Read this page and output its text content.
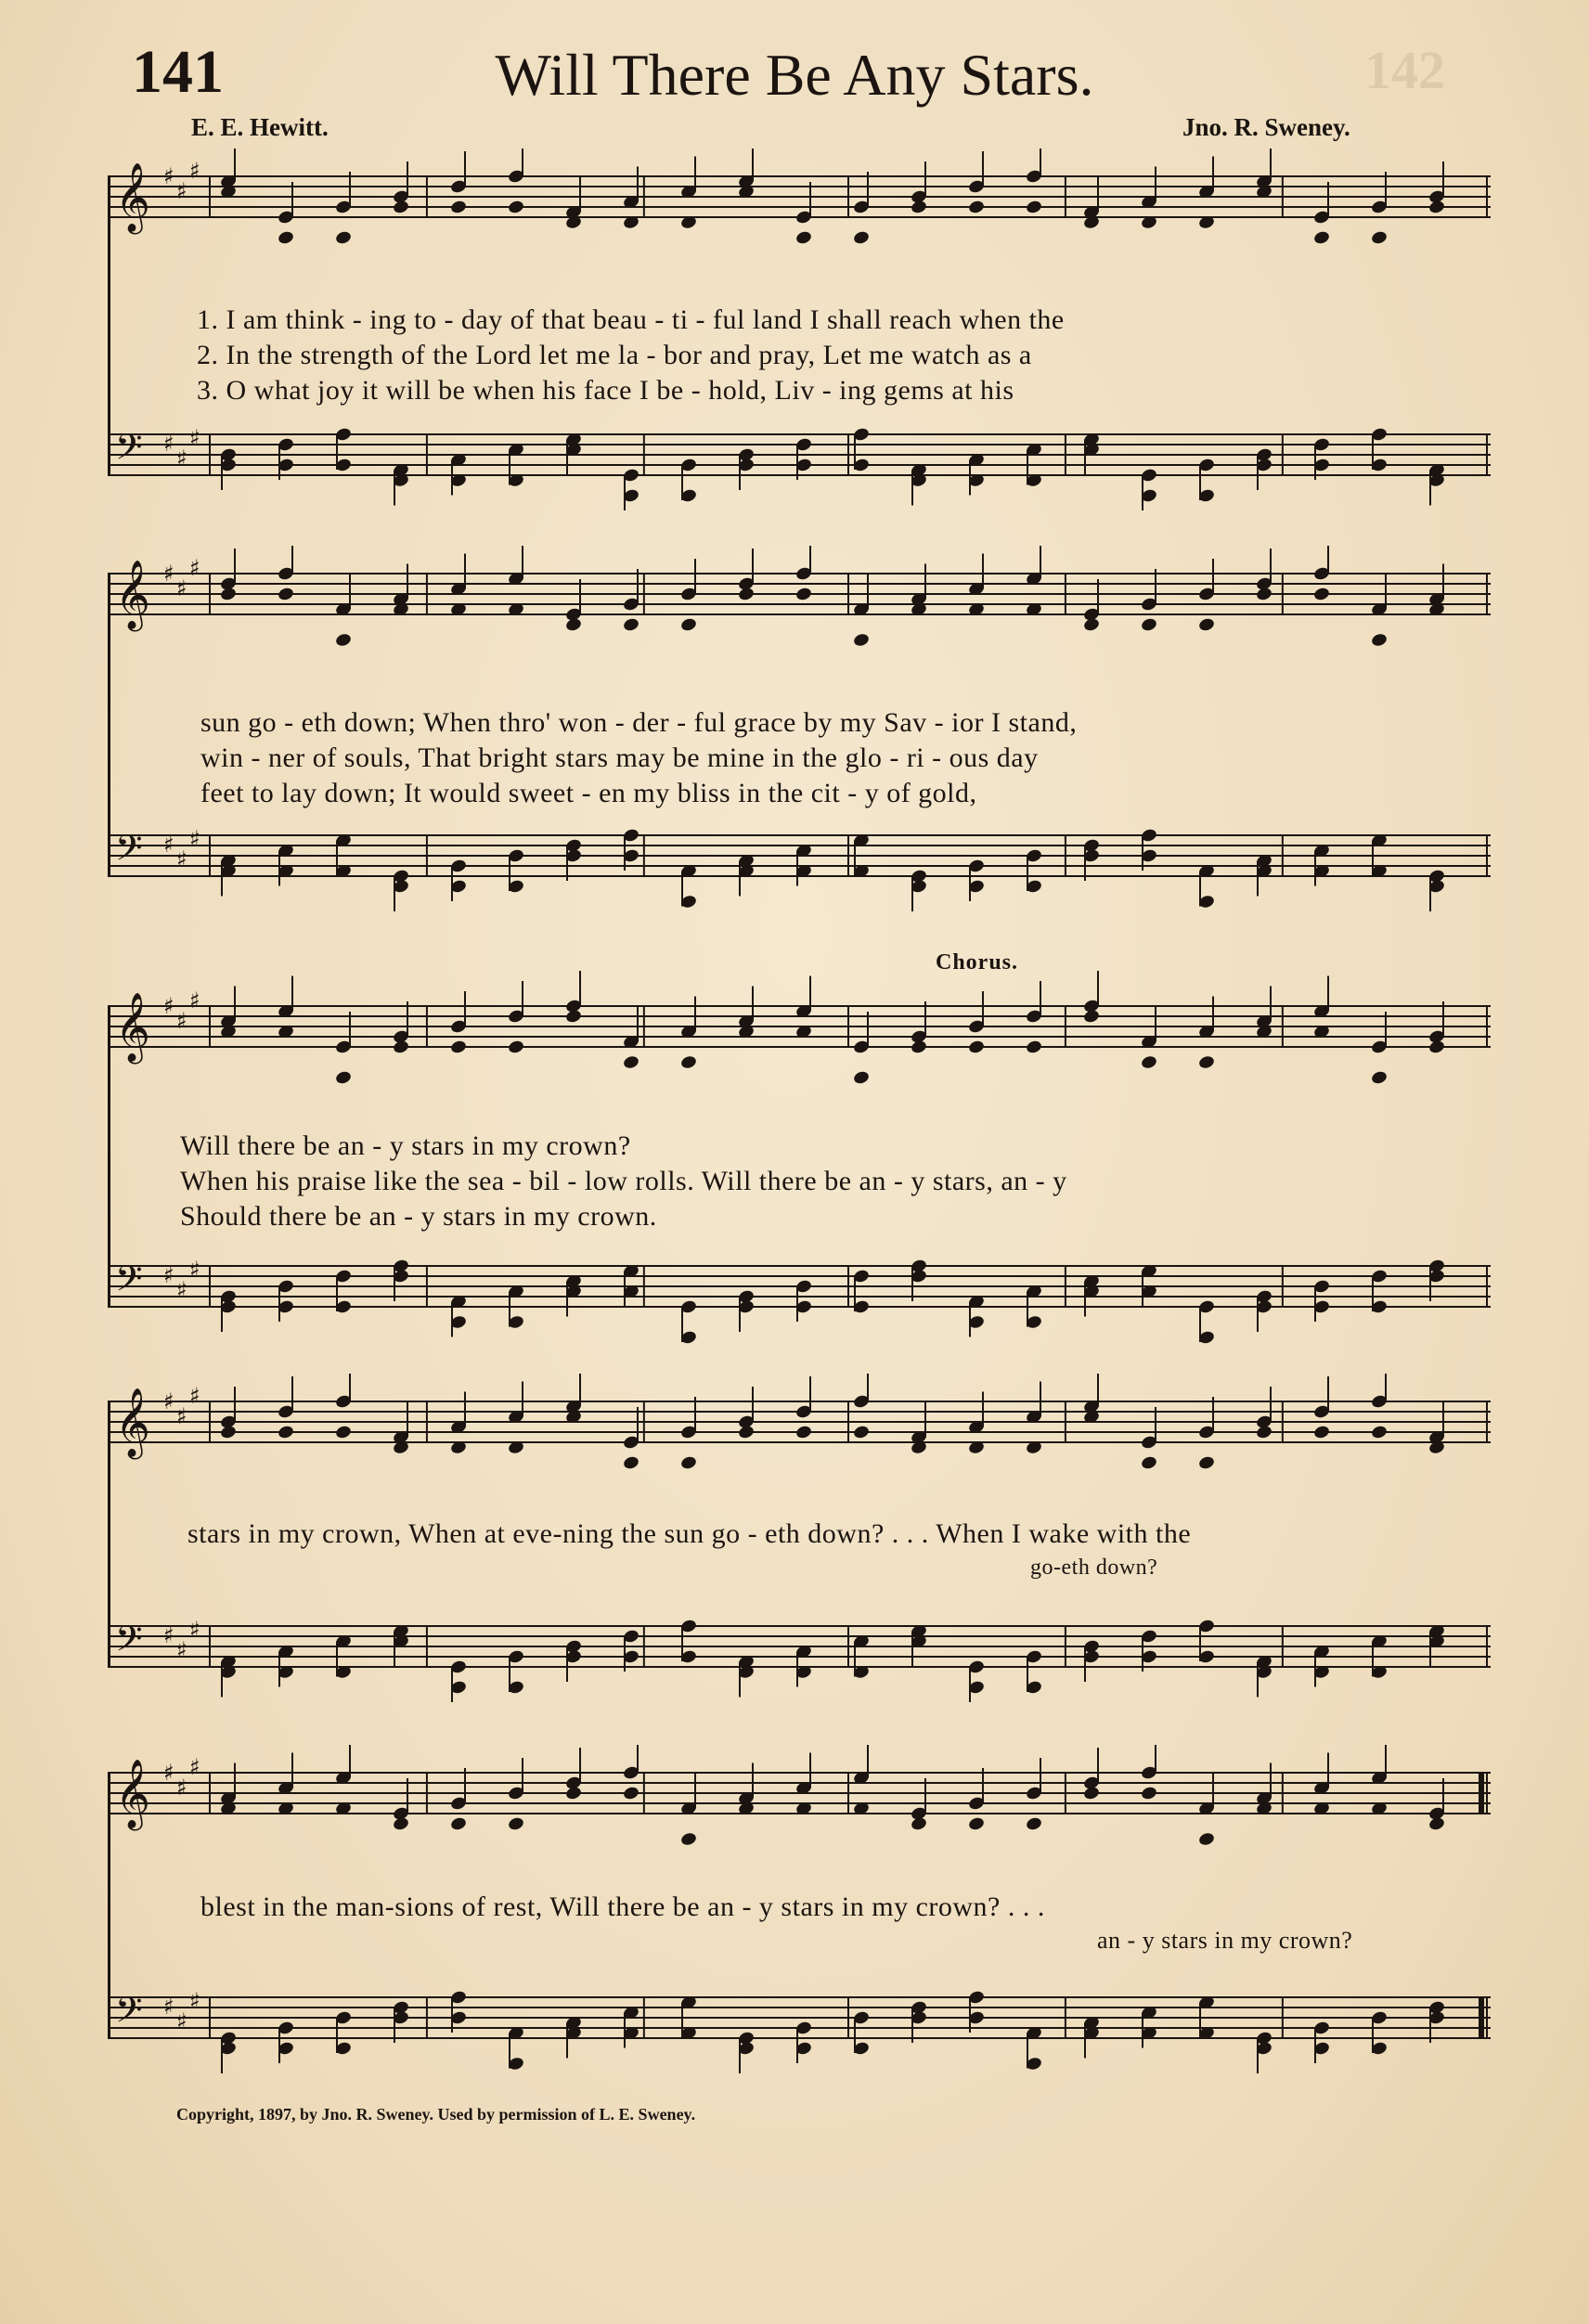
141	Will There Be Any Stars.	142
E. E. Hewitt.	Jno. R. Sweney.
𝄞 ♯
♯
♯
𝄢 ♯
♯
♯
1. I am think - ing to - day of that beau - ti - ful land I shall reach when the
2. In the strength of the Lord let me la - bor and pray, Let me watch as a
3. O what joy it will be when his face I be - hold, Liv - ing gems at his
𝄞 ♯
♯
♯
𝄢 ♯
♯
♯
sun go - eth down; When thro' won - der - ful grace by my Sav - ior I stand,
win - ner of souls, That bright stars may be mine in the glo - ri - ous day
feet to lay down; It would sweet - en my bliss in the cit - y of gold,
𝄞 ♯
♯
♯
𝄢 ♯
♯
♯
Chorus.
Will there be an - y stars in my crown?
When his praise like the sea - bil - low rolls. Will there be an - y stars, an - y
Should there be an - y stars in my crown.
𝄞 ♯
♯
♯
𝄢 ♯
♯
♯
stars in my crown, When at eve-ning the sun go - eth down? . . . When I wake with the
go-eth down?
𝄞 ♯
♯
♯
𝄢 ♯
♯
♯
blest in the man-sions of rest, Will there be an - y stars in my crown? . . .
an - y stars in my crown?
Copyright, 1897, by Jno. R. Sweney. Used by permission of L. E. Sweney.
